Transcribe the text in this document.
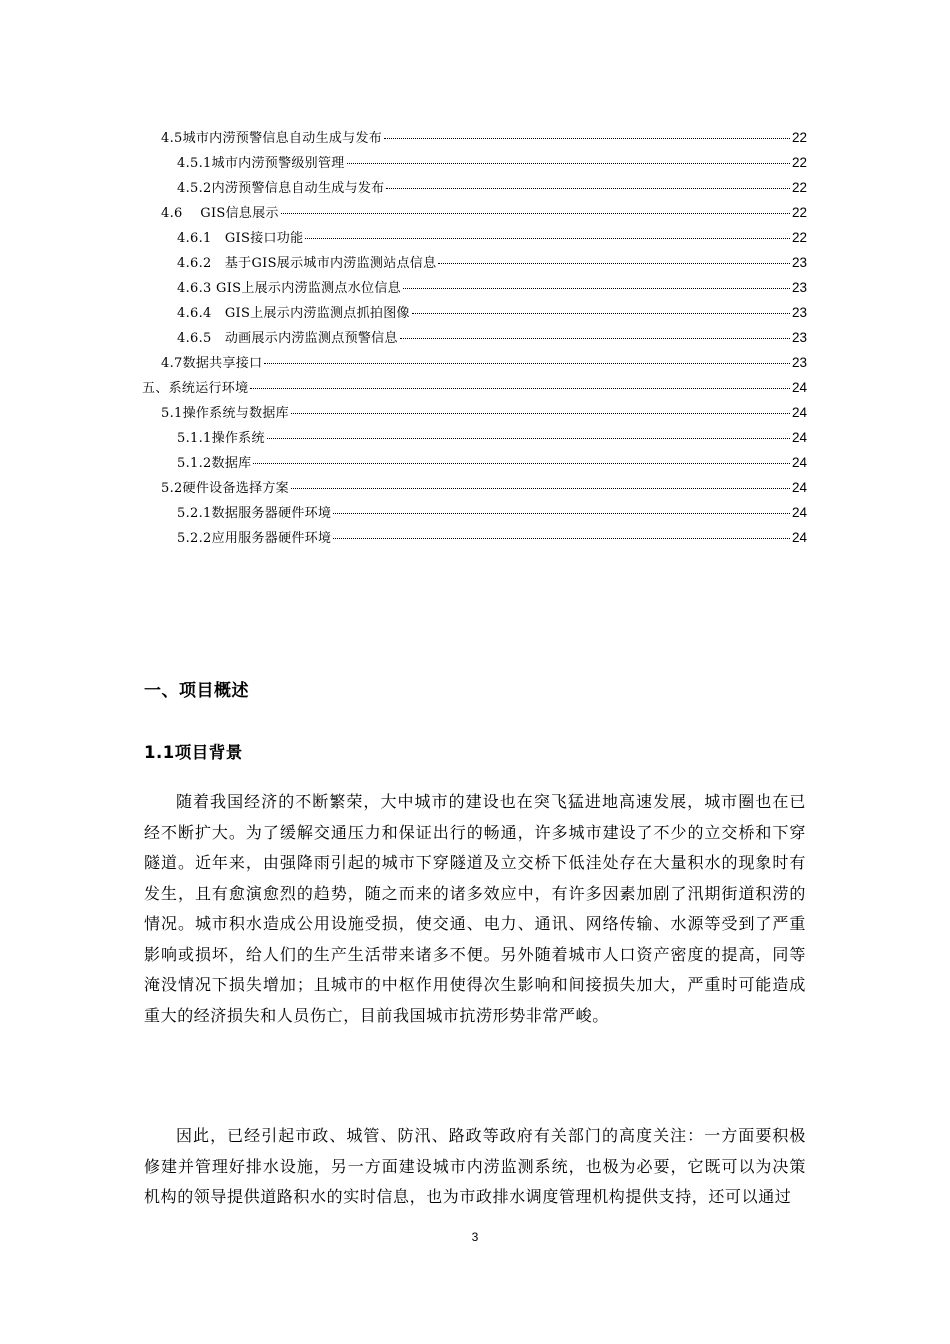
4.5城市内涝预警信息自动生成与发布	22
4.5.1城市内涝预警级别管理	22
4.5.2内涝预警信息自动生成与发布	22
4.6    GIS信息展示	22
4.6.1   GIS接口功能	22
4.6.2   基于GIS展示城市内涝监测站点信息	23
4.6.3 GIS上展示内涝监测点水位信息	23
4.6.4   GIS上展示内涝监测点抓拍图像	23
4.6.5   动画展示内涝监测点预警信息	23
4.7数据共享接口	23
五、系统运行环境	24
5.1操作系统与数据库	24
5.1.1操作系统	24
5.1.2数据库	24
5.2硬件设备选择方案	24
5.2.1数据服务器硬件环境	24
5.2.2应用服务器硬件环境	24
一、项目概述
1.1项目背景

随着我国经济的不断繁荣，大中城市的建设也在突飞猛进地高速发展，城市圈也在已经不断扩大。为了缓解交通压力和保证出行的畅通，许多城市建设了不少的立交桥和下穿隧道。近年来，由强降雨引起的城市下穿隧道及立交桥下低洼处存在大量积水的现象时有发生，且有愈演愈烈的趋势，随之而来的诸多效应中，有许多因素加剧了汛期街道积涝的情况。城市积水造成公用设施受损，使交通、电力、通讯、网络传输、水源等受到了严重影响或损坏，给人们的生产生活带来诸多不便。另外随着城市人口资产密度的提高，同等淹没情况下损失增加；且城市的中枢作用使得次生影响和间接损失加大，严重时可能造成重大的经济损失和人员伤亡，目前我国城市抗涝形势非常严峻。

因此，已经引起市政、城管、防汛、路政等政府有关部门的高度关注：一方面要积极修建并管理好排水设施，另一方面建设城市内涝监测系统，也极为必要，它既可以为决策机构的领导提供道路积水的实时信息，也为市政排水调度管理机构提供支持，还可以通过

3
